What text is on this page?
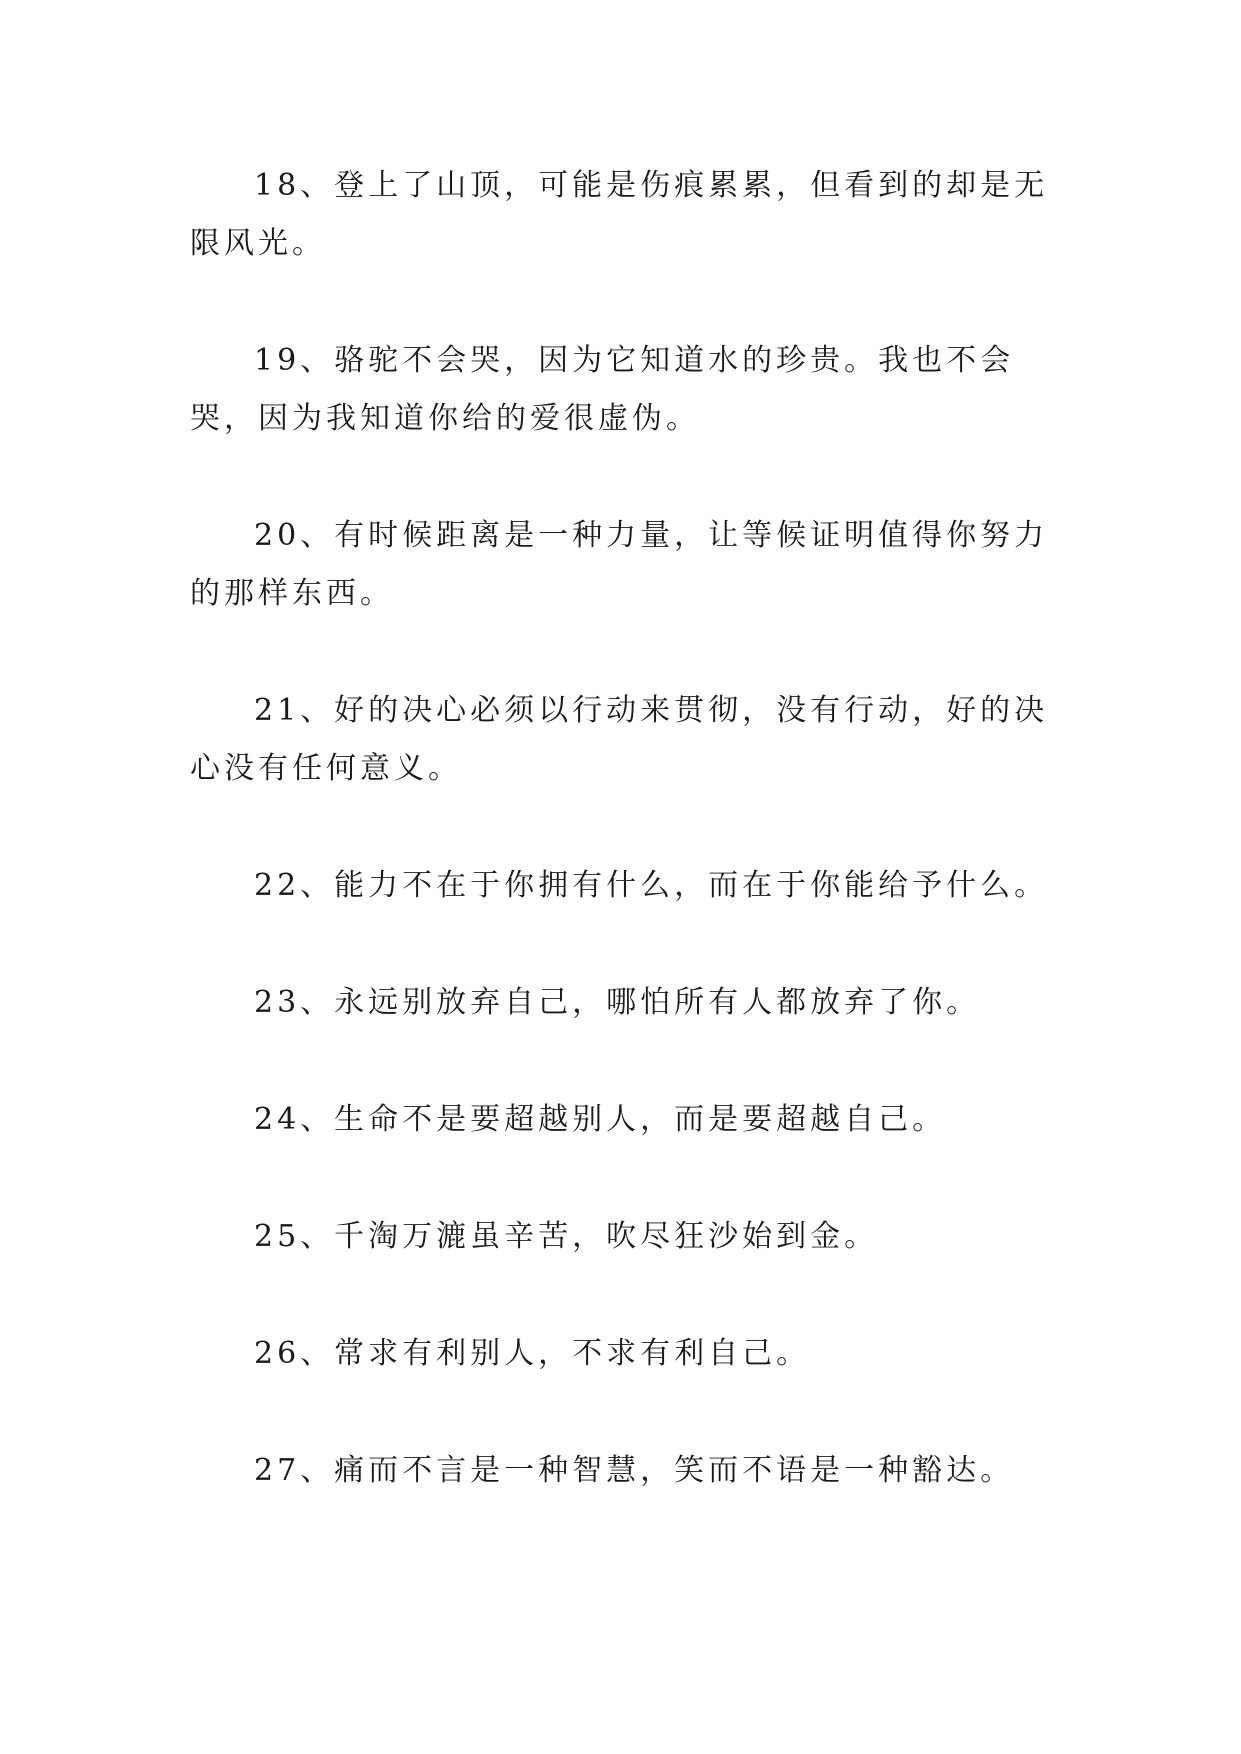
18、登上了山顶，可能是伤痕累累，但看到的却是无限风光。

19、骆驼不会哭，因为它知道水的珍贵。我也不会哭，因为我知道你给的爱很虚伪。

20、有时候距离是一种力量，让等候证明值得你努力的那样东西。

21、好的决心必须以行动来贯彻，没有行动，好的决心没有任何意义。

22、能力不在于你拥有什么，而在于你能给予什么。

23、永远别放弃自己，哪怕所有人都放弃了你。

24、生命不是要超越别人，而是要超越自己。

25、千淘万漉虽辛苦，吹尽狂沙始到金。

26、常求有利别人，不求有利自己。

27、痛而不言是一种智慧，笑而不语是一种豁达。
